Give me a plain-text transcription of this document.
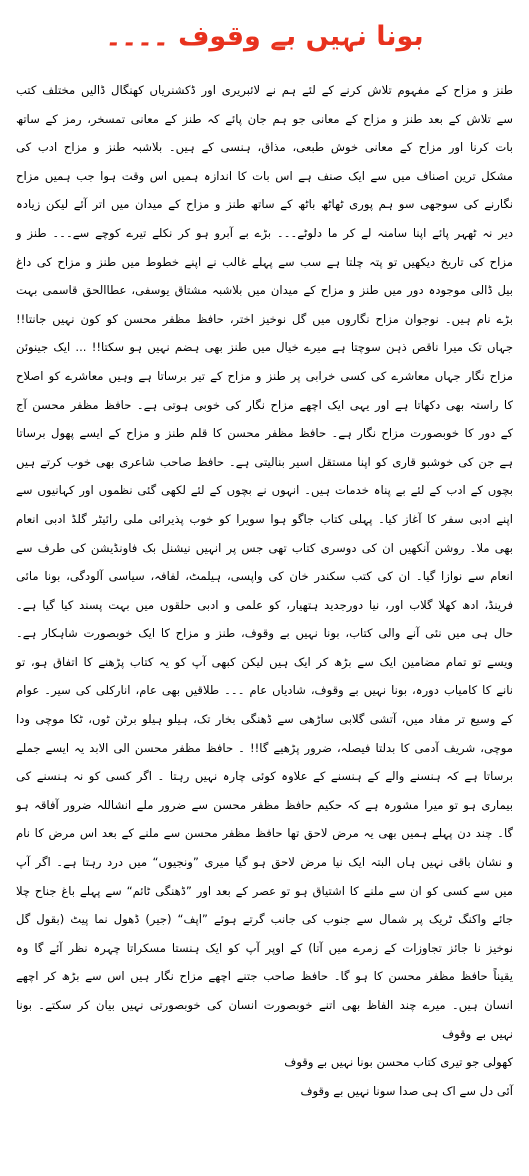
بونا نہیں بے وقوف ۔۔۔۔

طنز و مزاح کے مفہوم تلاش کرنے کے لئے ہم نے لائبریری اور ڈکشنریاں کھنگال ڈالیں مختلف کتب سے تلاش کے بعد طنز و مزاح کے معانی جو ہم جان پائے کہ طنز کے معانی تمسخر، رمز کے ساتھ بات کرنا اور مزاح کے معانی خوش طبعی، مذاق، ہنسی کے ہیں۔ بلاشبہ طنز و مزاح ادب کی مشکل ترین اصناف میں سے ایک صنف ہے اس بات کا اندازہ ہمیں اس وقت ہوا جب ہمیں مزاح نگارنے کی سوجھی سو ہم پوری ٹھاٹھ باٹھ کے ساتھ طنز و مزاح کے میدان میں اتر آئے لیکن زیادہ دیر نہ ٹھہر پائے اپنا سامنہ لے کر ما دلوٹے۔۔۔ بڑے بے آبرو ہو کر نکلے تیرے کوچے سے۔۔۔ طنز و مزاح کی تاریخ دیکھیں تو پتہ چلتا ہے سب سے پہلے غالب نے اپنے خطوط میں طنز و مزاح کی داغ بیل ڈالی موجودہ دور میں طنز و مزاح کے میدان میں بلاشبہ مشتاق یوسفی، عطاالحق قاسمی بہت بڑے نام ہیں۔ نوجوان مزاح نگاروں میں گل نوخیز اختر، حافظ مظفر محسن کو کون نہیں جانتا!! جہاں تک میرا ناقص ذہن سوچتا ہے میرے خیال میں طنز بھی ہضم نہیں ہو سکتا!! ... ایک جینوئن مزاح نگار جہاں معاشرے کی کسی خرابی پر طنز و مزاح کے تیر برساتا ہے وہیں معاشرے کو اصلاح کا راستہ بھی دکھاتا ہے اور یہی ایک اچھے مزاح نگار کی خوبی ہوتی ہے۔ حافظ مظفر محسن آج کے دور کا خوبصورت مزاح نگار ہے۔ حافظ مظفر محسن کا قلم طنز و مزاح کے ایسے پھول برساتا ہے جن کی خوشبو قاری کو اپنا مستقل اسیر بنالیتی ہے۔ حافظ صاحب شاعری بھی خوب کرتے ہیں بچوں کے ادب کے لئے بے پناہ خدمات ہیں۔ انہوں نے بچوں کے لئے لکھی گئی نظموں اور کہانیوں سے اپنے ادبی سفر کا آغاز کیا۔ پہلی کتاب جاگو ہوا سویرا کو خوب پذیرائی ملی رائیٹر گلڈ ادبی انعام بھی ملا۔ روشن آنکھیں ان کی دوسری کتاب تھی جس پر انہیں نیشنل بک فاونڈیشن کی طرف سے انعام سے نوازا گیا۔ ان کی کتب سکندر خان کی واپسی، ہیلمٹ، لفافہ، سیاسی آلودگی، بونا مائی فرینڈ، ادھ کھلا گلاب اور، نیا دورجدید ہتھیار، کو علمی و ادبی حلقوں میں بہت پسند کیا گیا ہے۔ حال ہی میں نئی آنے والی کتاب، بونا نہیں بے وقوف، طنز و مزاح کا ایک خوبصورت شاہکار ہے۔ ویسے تو تمام مضامین ایک سے بڑھ کر ایک ہیں لیکن کبھی آپ کو یہ کتاب پڑھنے کا اتفاق ہو، تو نانے کا کامیاب دورہ، بونا نہیں بے وقوف، شادیاں عام ۔۔۔ طلاقیں بھی عام، انارکلی کی سیر۔ عوام کے وسیع تر مفاد میں، آتشی گلابی ساڑھی سے ڈھنگی بخار تک، ہیلو ہیلو برٹن ٹوں، ٹکا موچی ودا موچی، شریف آدمی کا بدلتا فیصلہ، ضرور پڑھیے گا!! ۔ حافظ مظفر محسن الی الابد یہ ایسے جملے برساتا ہے کہ ہنسنے والے کے ہنسنے کے علاوہ کوئی چارہ نہیں رہتا ۔ اگر کسی کو نہ ہنسنے کی بیماری ہو تو میرا مشورہ ہے کہ حکیم حافظ مظفر محسن سے ضرور ملے انشاللہ ضرور آفاقہ ہو گا۔ چند دن پہلے ہمیں بھی یہ مرض لاحق تھا حافظ مظفر محسن سے ملنے کے بعد اس مرض کا نام و نشان باقی نہیں ہاں البتہ ایک نیا مرض لاحق ہو گیا میری ”ونجیوں“ میں درد رہتا ہے۔ اگر آپ میں سے کسی کو ان سے ملنے کا اشتیاق ہو تو عصر کے بعد اور ”ڈھنگی ٹائم“ سے پہلے باغ جناح چلا جائے واکنگ ٹریک پر شمال سے جنوب کی جانب گرتے ہوئے ”اپف“ (جیر) ڈھول نما پیٹ (بقول گل نوخیز نا جائز تجاوزات کے زمرے میں آتا) کے اوپر آپ کو ایک ہنستا مسکراتا چہرہ نظر آئے گا وہ یقیناً حافظ مظفر محسن کا ہو گا۔ حافظ صاحب جتنے اچھے مزاح نگار ہیں اس سے بڑھ کر اچھے انسان ہیں۔ میرے چند الفاظ بھی اتنے خوبصورت انسان کی خوبصورتی نہیں بیان کر سکتے۔ بونا نہیں بے وقوف

کھولی جو تیری کتاب محسن بونا نہیں بے وقوف

آئی دل سے اک ہی صدا سونا نہیں بے وقوف
